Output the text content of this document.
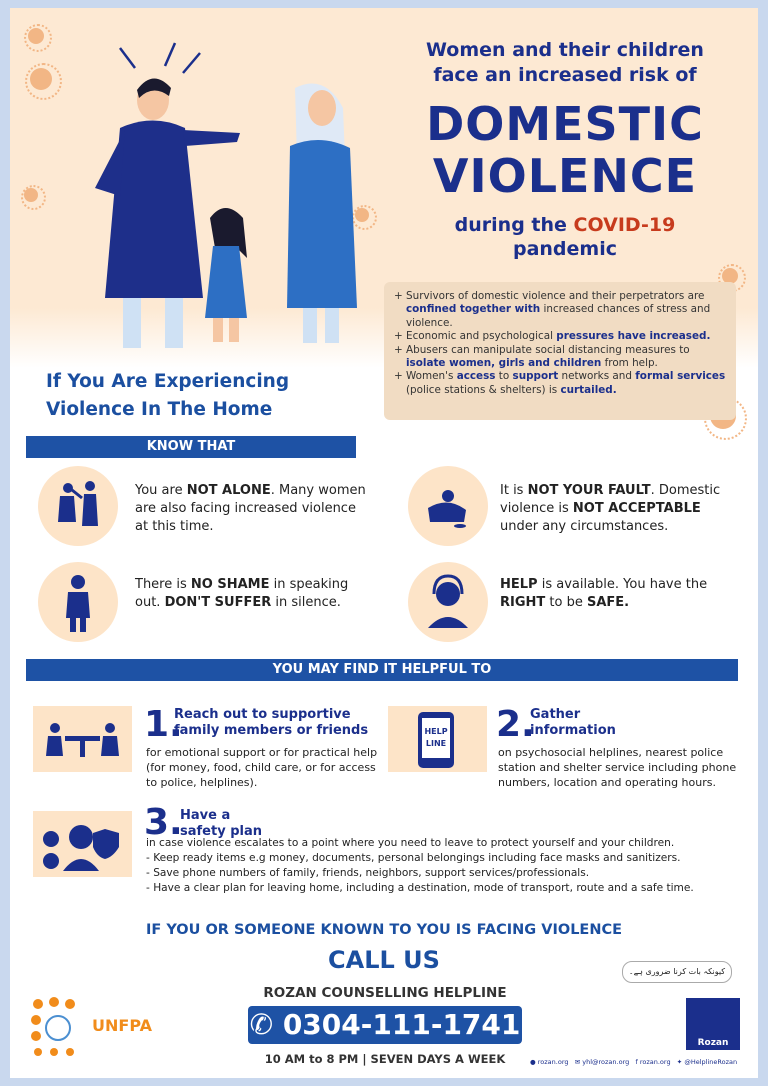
Women and their children
face an increased risk of
DOMESTIC
VIOLENCE
during the COVID-19
pandemic
+ Survivors of domestic violence and their perpetrators are confined together with increased chances of stress and violence.
+ Economic and psychological pressures have increased.
+ Abusers can manipulate social distancing measures to isolate women, girls and children from help.
+ Women's access to support networks and formal services (police stations & shelters) is curtailed.
If You Are Experiencing
Violence In The Home
KNOW THAT
You are NOT ALONE. Many women are also facing increased violence at this time.
It is NOT YOUR FAULT. Domestic violence is NOT ACCEPTABLE under any circumstances.
There is NO SHAME in speaking out. DON'T SUFFER in silence.
HELP is available. You have the RIGHT to be SAFE.
YOU MAY FIND IT HELPFUL TO
1.
Reach out to supportive family members or friends
for emotional support or for practical help (for money, food, child care, or for access to police, helplines).
HELP
LINE 2.
Gather information
on psychosocial helplines, nearest police station and shelter service including phone numbers, location and operating hours.
3.
Have a safety plan
in case violence escalates to a point where you need to leave to protect yourself and your children.
- Keep ready items e.g money, documents, personal belongings including face masks and sanitizers.
- Save phone numbers of family, friends, neighbors, support services/professionals.
- Have a clear plan for leaving home, including a destination, mode of transport, route and a safe time.
IF YOU OR SOMEONE KNOWN TO YOU IS FACING VIOLENCE
CALL US
ROZAN COUNSELLING HELPLINE
✆ 0304-111-1741
10 AM to 8 PM | SEVEN DAYS A WEEK
UNFPA
کیونکہ بات کرنا ضروری ہے۔
Rozan
● rozan.org ✉ yhl@rozan.org f rozan.org ✦ @HelplineRozan
